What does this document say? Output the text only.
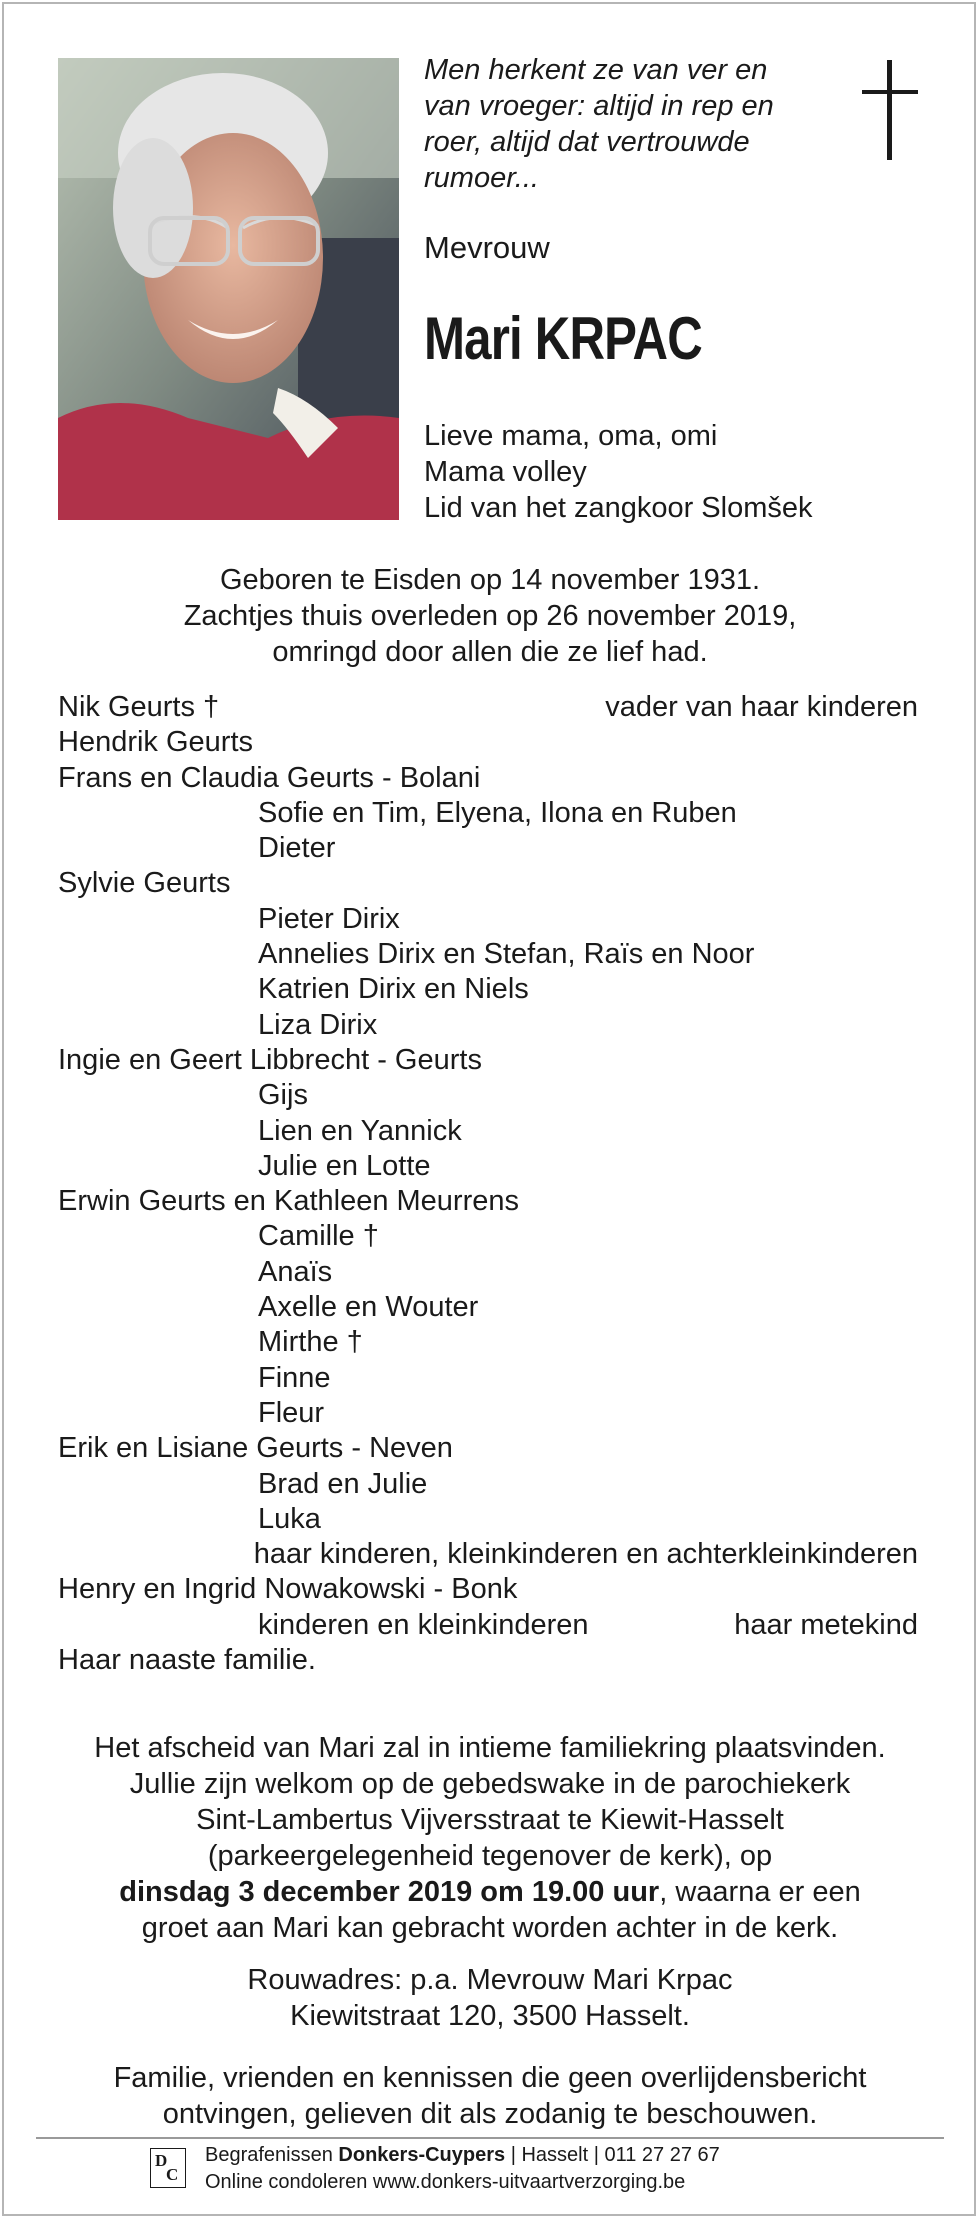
Men herkent ze van ver en
van vroeger: altijd in rep en
roer, altijd dat vertrouwde
rumoer...
Mevrouw
Mari KRPAC
Lieve mama, oma, omi
Mama volley
Lid van het zangkoor Slomšek
Geboren te Eisden op 14 november 1931.
Zachtjes thuis overleden op 26 november 2019,
omringd door allen die ze lief had.
Nik Geurts †	vader van haar kinderen
Hendrik Geurts
Frans en Claudia Geurts - Bolani
Sofie en Tim, Elyena, Ilona en Ruben
Dieter
Sylvie Geurts
Pieter Dirix
Annelies Dirix en Stefan, Raïs en Noor
Katrien Dirix en Niels
Liza Dirix
Ingie en Geert Libbrecht - Geurts
Gijs
Lien en Yannick
Julie en Lotte
Erwin Geurts en Kathleen Meurrens
Camille †
Anaïs
Axelle en Wouter
Mirthe †
Finne
Fleur
Erik en Lisiane Geurts - Neven
Brad en Julie
Luka
haar kinderen, kleinkinderen en achterkleinkinderen
Henry en Ingrid Nowakowski - Bonk
kinderen en kleinkinderen	haar metekind
Haar naaste familie.
Het afscheid van Mari zal in intieme familiekring plaatsvinden.
Jullie zijn welkom op de gebedswake in de parochiekerk
Sint-Lambertus Vijversstraat te Kiewit-Hasselt
(parkeergelegenheid tegenover de kerk), op
dinsdag 3 december 2019 om 19.00 uur, waarna er een
groet aan Mari kan gebracht worden achter in de kerk.
Rouwadres: p.a. Mevrouw Mari Krpac
Kiewitstraat 120, 3500 Hasselt.
Familie, vrienden en kennissen die geen overlijdensbericht
ontvingen, gelieven dit als zodanig te beschouwen.
D
C
Begrafenissen Donkers-Cuypers | Hasselt | 011 27 27 67
Online condoleren www.donkers-uitvaartverzorging.be
